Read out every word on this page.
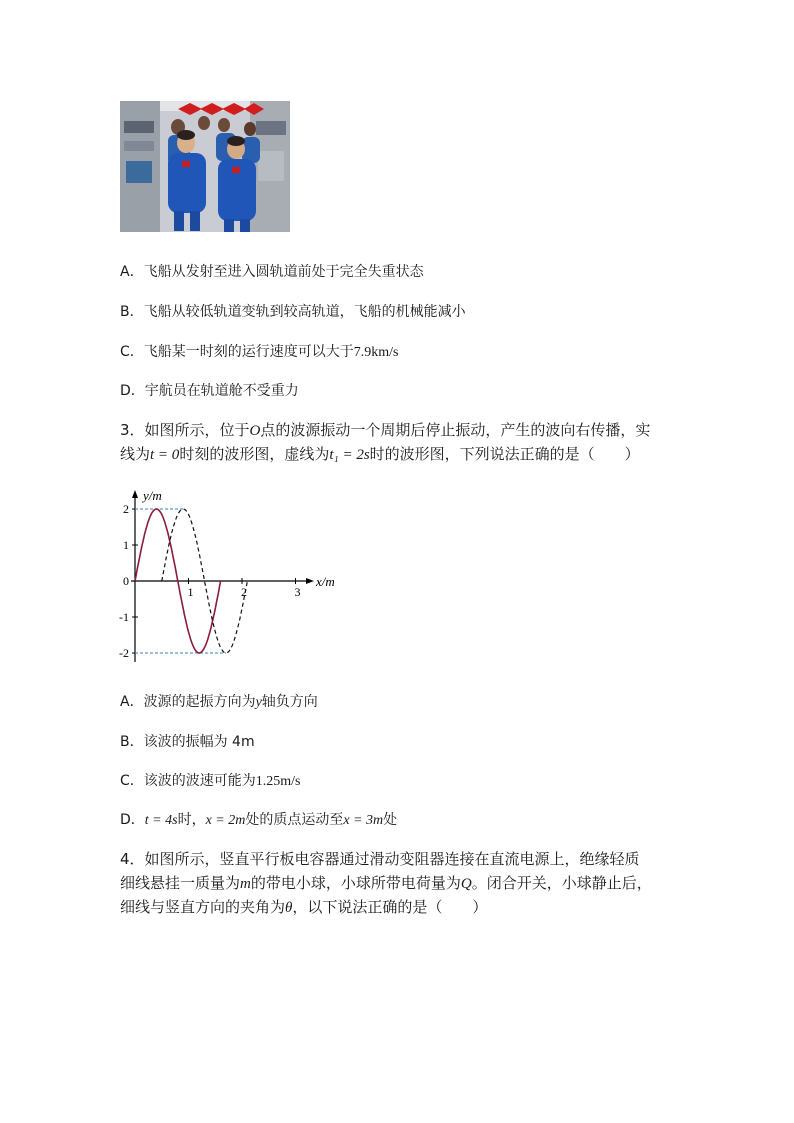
A．飞船从发射至进入圆轨道前处于完全失重状态
B．飞船从较低轨道变轨到较高轨道，飞船的机械能减小
C．飞船某一时刻的运行速度可以大于7.9km/s
D．宇航员在轨道舱不受重力
3．如图所示，位于O点的波源振动一个周期后停止振动，产生的波向右传播，实
线为t = 0时刻的波形图，虚线为t₁ = 2s时的波形图，下列说法正确的是（　　）
y/m
x/m
2
1
0
-1
-2
1	2	3
A．波源的起振方向为y轴负方向
B．该波的振幅为 4m
C．该波的波速可能为1.25m/s
D．t = 4s时，x = 2m处的质点运动至x = 3m处
4．如图所示，竖直平行板电容器通过滑动变阻器连接在直流电源上，绝缘轻质
细线悬挂一质量为m的带电小球，小球所带电荷量为Q。闭合开关，小球静止后，
细线与竖直方向的夹角为θ，以下说法正确的是（　　）
